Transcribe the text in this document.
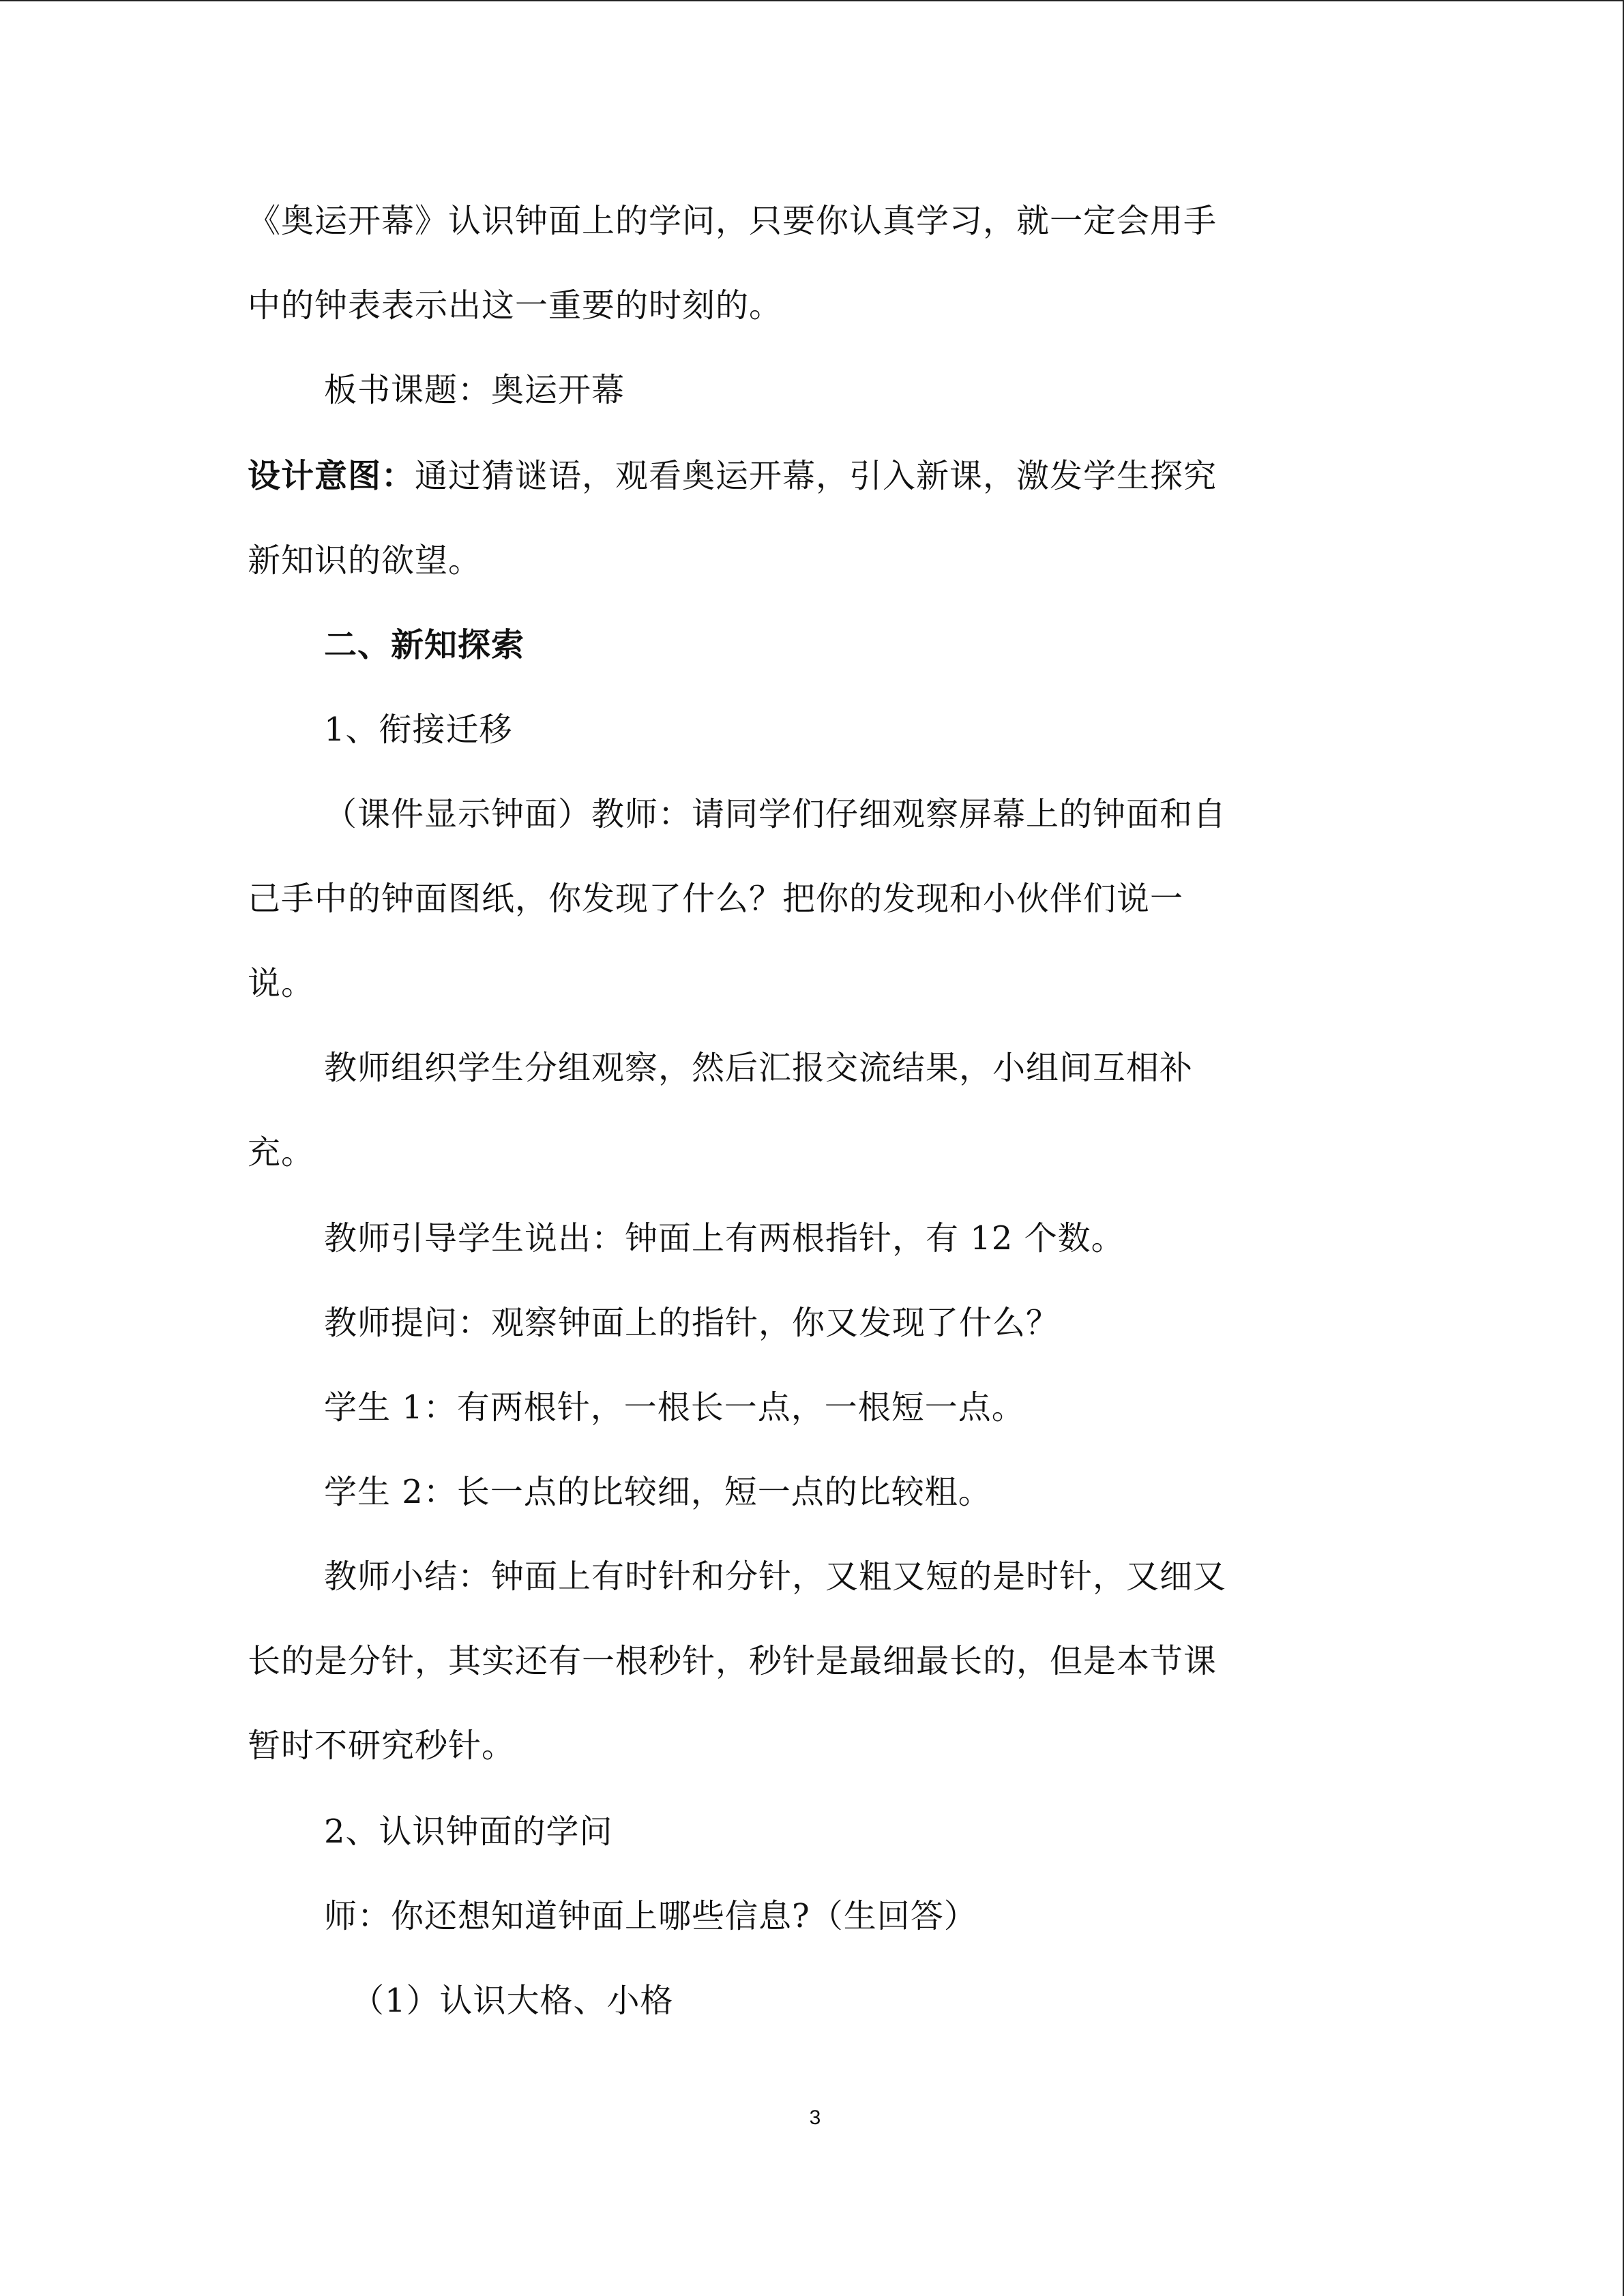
《奥运开幕》认识钟面上的学问，只要你认真学习，就一定会用手
中的钟表表示出这一重要的时刻的。
板书课题：奥运开幕
设计意图：通过猜谜语，观看奥运开幕，引入新课，激发学生探究
新知识的欲望。
二、新知探索
1、衔接迁移
（课件显示钟面）教师：请同学们仔细观察屏幕上的钟面和自
己手中的钟面图纸，你发现了什么？把你的发现和小伙伴们说一
说。
教师组织学生分组观察，然后汇报交流结果，小组间互相补
充。
教师引导学生说出：钟面上有两根指针，有 12 个数。
教师提问：观察钟面上的指针，你又发现了什么？
学生 1：有两根针，一根长一点，一根短一点。
学生 2：长一点的比较细，短一点的比较粗。
教师小结：钟面上有时针和分针，又粗又短的是时针，又细又
长的是分针，其实还有一根秒针，秒针是最细最长的，但是本节课
暂时不研究秒针。
2、认识钟面的学问
师：你还想知道钟面上哪些信息?（生回答）
（1）认识大格、小格
3
